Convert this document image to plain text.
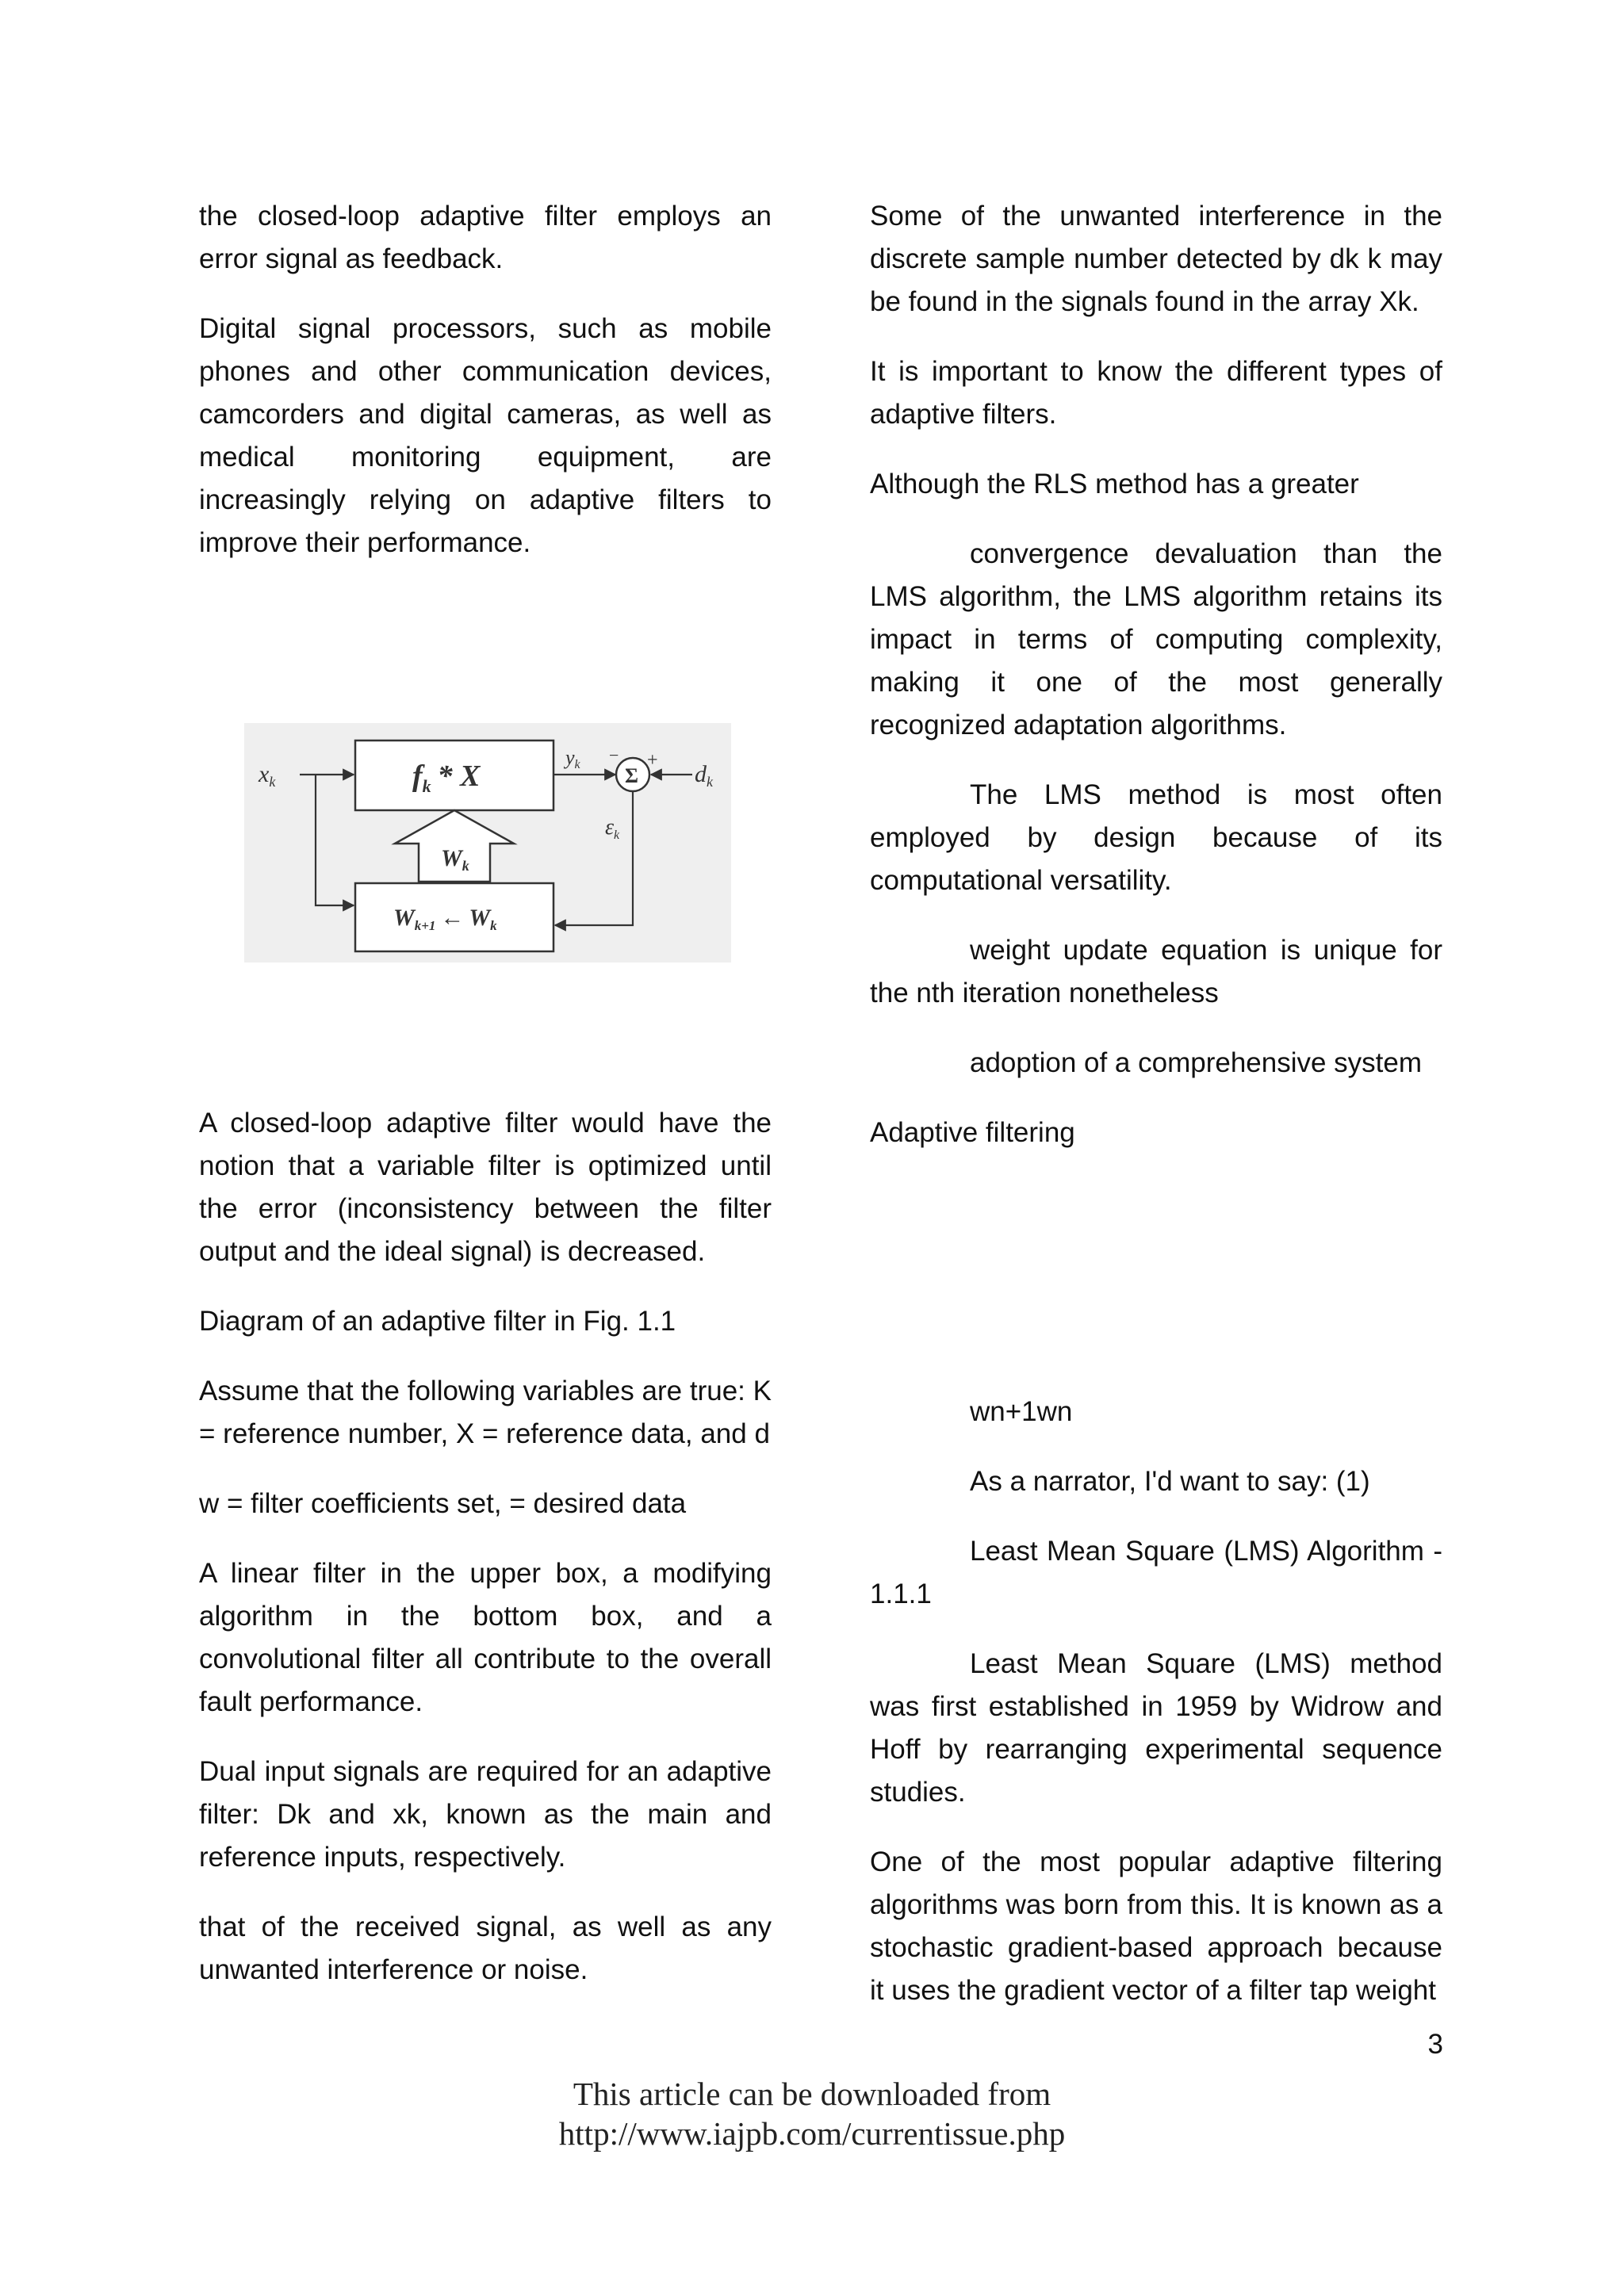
the closed-loop adaptive filter employs an error signal as feedback.

Digital signal processors, such as mobile phones and other communication devices, camcorders and digital cameras, as well as medical monitoring equipment, are increasingly relying on adaptive filters to improve their performance.

$x_k$	$f_k$ * X
yk Σ
− +
$d_k$
$\varepsilon_k$
$W_k$
$W_{k+1}$ ← $W_k$

A closed-loop adaptive filter would have the notion that a variable filter is optimized until the error (inconsistency between the filter output and the ideal signal) is decreased.

Diagram of an adaptive filter in Fig. 1.1

Assume that the following variables are true: K = reference number, X = reference data, and d

w = filter coefficients set, = desired data

A linear filter in the upper box, a modifying algorithm in the bottom box, and a convolutional filter all contribute to the overall fault performance.

Dual input signals are required for an adaptive filter: Dk and xk, known as the main and reference inputs, respectively.

that of the received signal, as well as any unwanted interference or noise.

Some of the unwanted interference in the discrete sample number detected by dk k may be found in the signals found in the array Xk.

It is important to know the different types of adaptive filters.

Although the RLS method has a greater

convergence devaluation than the LMS algorithm, the LMS algorithm retains its impact in terms of computing complexity, making it one of the most generally recognized adaptation algorithms.

The LMS method is most often employed by design because of its computational versatility.

weight update equation is unique for the nth iteration nonetheless

adoption of a comprehensive system

Adaptive filtering

wn+1wn

As a narrator, I'd want to say: (1)

Least Mean Square (LMS) Algorithm - 1.1.1

Least Mean Square (LMS) method was first established in 1959 by Widrow and Hoff by rearranging experimental sequence studies.

One of the most popular adaptive filtering algorithms was born from this. It is known as a stochastic gradient-based approach because it uses the gradient vector of a filter tap weight

3
This article can be downloaded from
http://www.iajpb.com/currentissue.php
